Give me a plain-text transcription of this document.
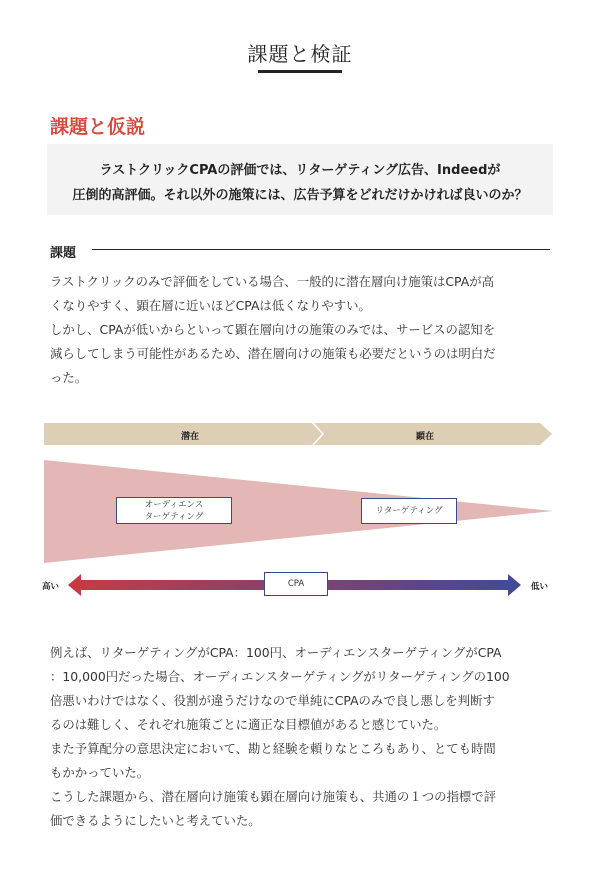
課題と検証
課題と仮説
ラストクリックCPAの評価では、リターゲティング広告、Indeedが
圧倒的高評価。それ以外の施策には、広告予算をどれだけかければ良いのか？
課題
ラストクリックのみで評価をしている場合、一般的に潜在層向け施策はCPAが高
くなりやすく、顕在層に近いほどCPAは低くなりやすい。
しかし、CPAが低いからといって顕在層向けの施策のみでは、サービスの認知を
減らしてしまう可能性があるため、潜在層向けの施策も必要だというのは明白だ
った。
潜在	顕在
オーディエンス
ターゲティング
リターゲティング
CPA
高い	低い
例えば、リターゲティングがCPA：100円、オーディエンスターゲティングがCPA
：10,000円だった場合、オーディエンスターゲティングがリターゲティングの100
倍悪いわけではなく、役割が違うだけなので単純にCPAのみで良し悪しを判断す
るのは難しく、それぞれ施策ごとに適正な目標値があると感じていた。
また予算配分の意思決定において、勘と経験を頼りなところもあり、とても時間
もかかっていた。
こうした課題から、潜在層向け施策も顕在層向け施策も、共通の１つの指標で評
価できるようにしたいと考えていた。
